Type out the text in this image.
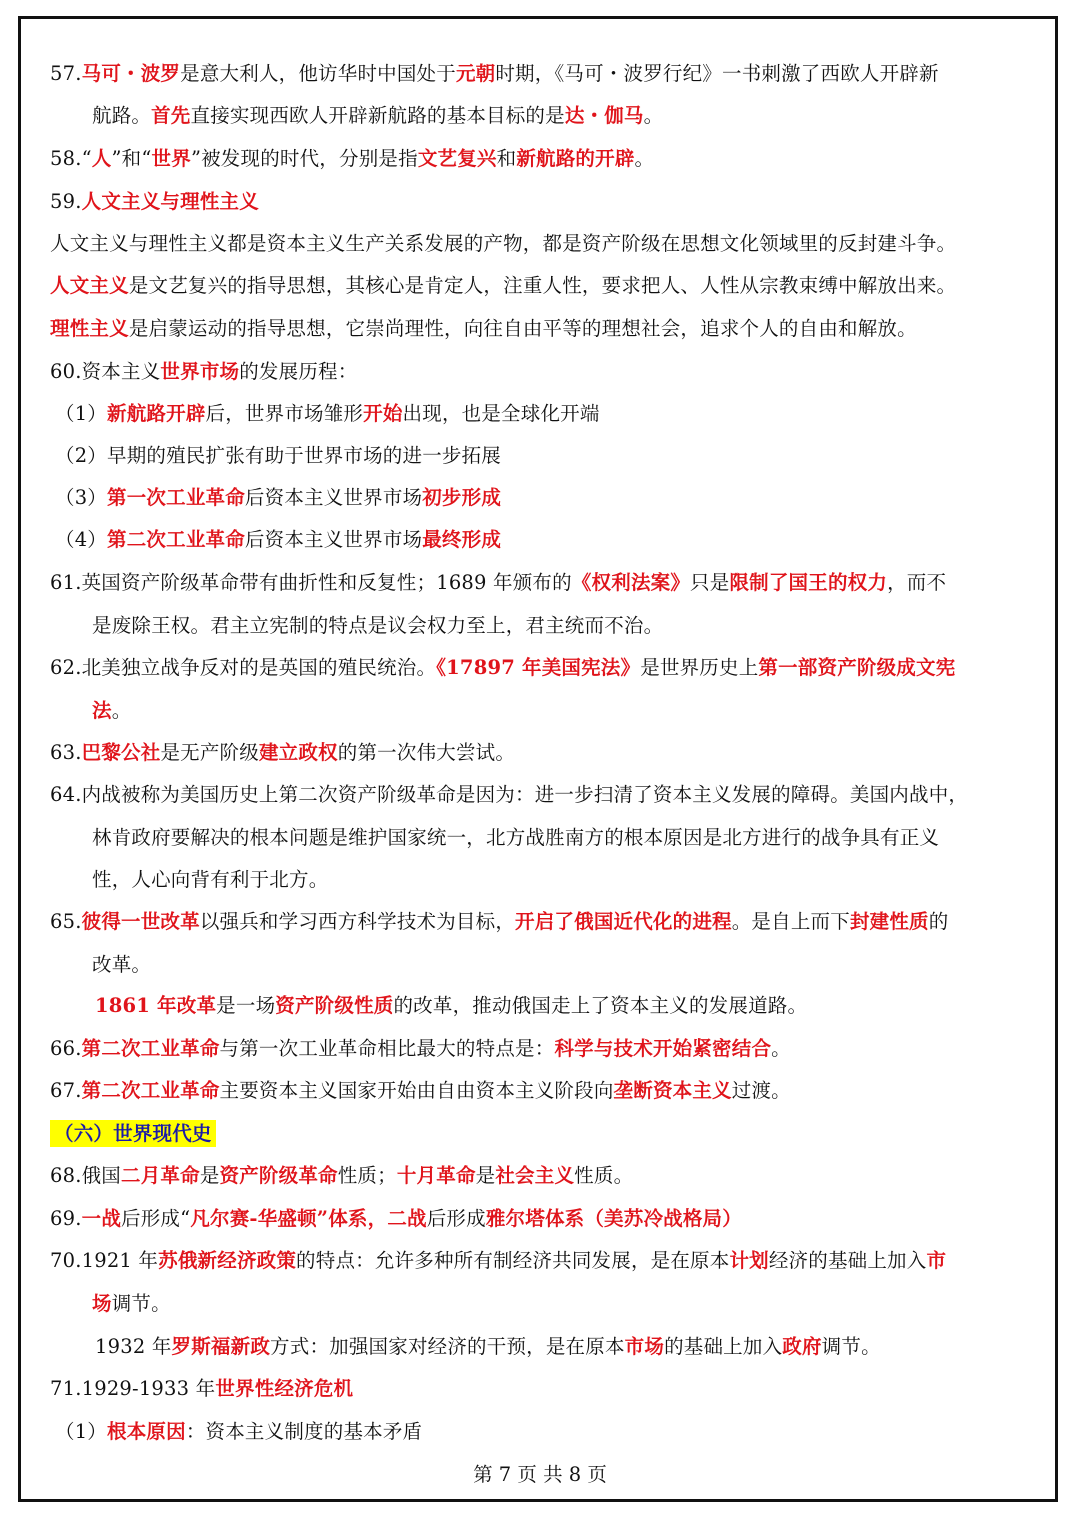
57.马可・波罗是意大利人，他访华时中国处于元朝时期，《马可・波罗行纪》一书刺激了西欧人开辟新
航路。首先直接实现西欧人开辟新航路的基本目标的是达・伽马。
58.“人”和“世界”被发现的时代，分别是指文艺复兴和新航路的开辟。
59.人文主义与理性主义
人文主义与理性主义都是资本主义生产关系发展的产物，都是资产阶级在思想文化领域里的反封建斗争。
人文主义是文艺复兴的指导思想，其核心是肯定人，注重人性，要求把人、人性从宗教束缚中解放出来。
理性主义是启蒙运动的指导思想，它崇尚理性，向往自由平等的理想社会，追求个人的自由和解放。
60.资本主义世界市场的发展历程：
（1）新航路开辟后，世界市场雏形开始出现，也是全球化开端
（2）早期的殖民扩张有助于世界市场的进一步拓展
（3）第一次工业革命后资本主义世界市场初步形成
（4）第二次工业革命后资本主义世界市场最终形成
61.英国资产阶级革命带有曲折性和反复性；1689 年颁布的《权利法案》只是限制了国王的权力，而不
是废除王权。君主立宪制的特点是议会权力至上，君主统而不治。
62.北美独立战争反对的是英国的殖民统治。《17897 年美国宪法》是世界历史上第一部资产阶级成文宪
法。
63.巴黎公社是无产阶级建立政权的第一次伟大尝试。
64.内战被称为美国历史上第二次资产阶级革命是因为：进一步扫清了资本主义发展的障碍。美国内战中，
林肯政府要解决的根本问题是维护国家统一，北方战胜南方的根本原因是北方进行的战争具有正义
性，人心向背有利于北方。
65.彼得一世改革以强兵和学习西方科学技术为目标，开启了俄国近代化的进程。是自上而下封建性质的
改革。
1861 年改革是一场资产阶级性质的改革，推动俄国走上了资本主义的发展道路。
66.第二次工业革命与第一次工业革命相比最大的特点是：科学与技术开始紧密结合。
67.第二次工业革命主要资本主义国家开始由自由资本主义阶段向垄断资本主义过渡。
（六）世界现代史
68.俄国二月革命是资产阶级革命性质；十月革命是社会主义性质。
69.一战后形成“凡尔赛-华盛顿”体系，二战后形成雅尔塔体系（美苏冷战格局）
70.1921 年苏俄新经济政策的特点：允许多种所有制经济共同发展，是在原本计划经济的基础上加入市
场调节。
1932 年罗斯福新政方式：加强国家对经济的干预，是在原本市场的基础上加入政府调节。
71.1929-1933 年世界性经济危机
（1）根本原因：资本主义制度的基本矛盾
第 7 页 共 8 页
